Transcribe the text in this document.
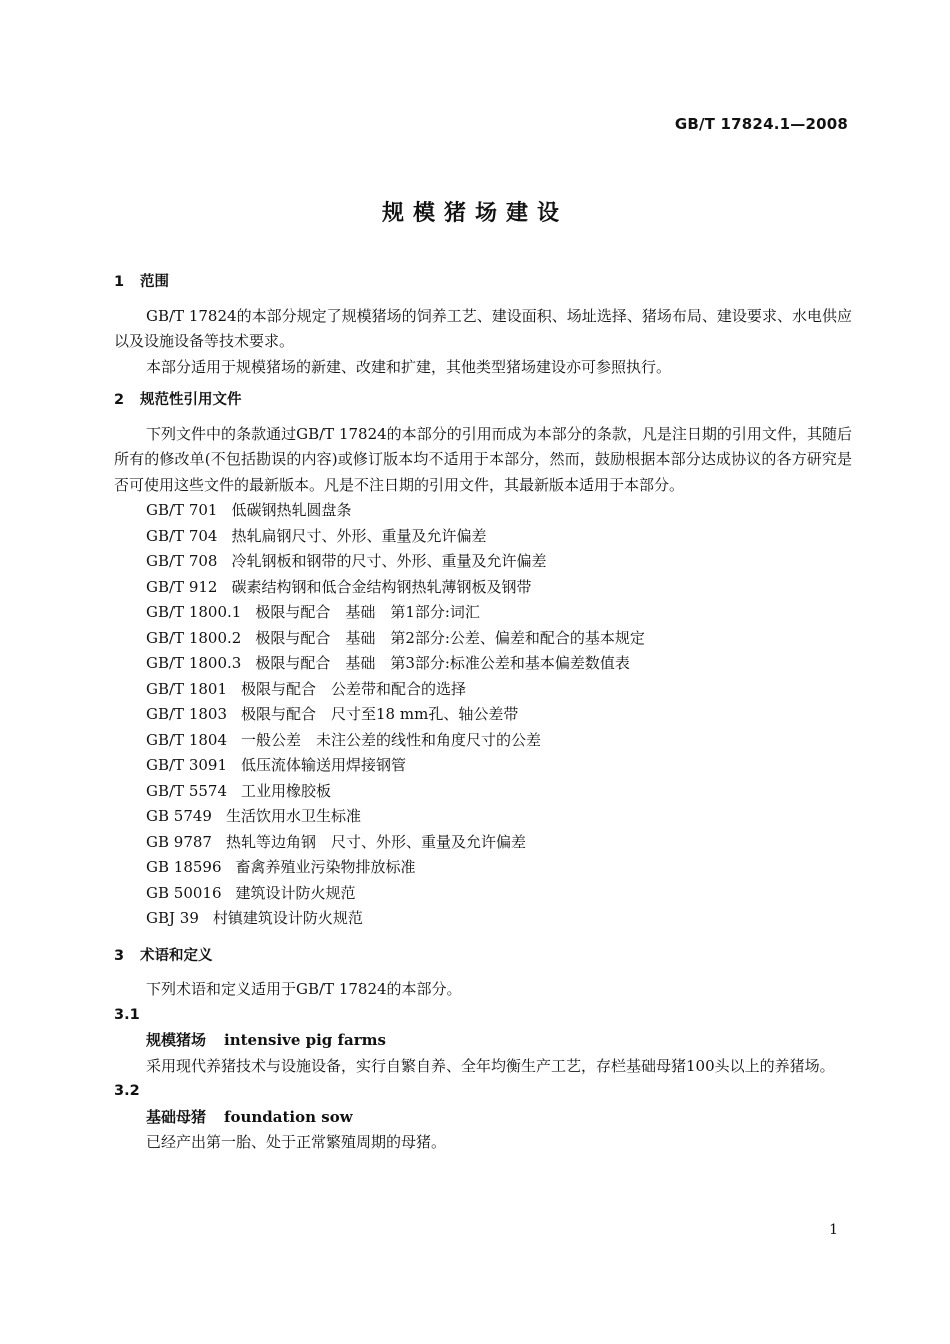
GB/T 17824.1—2008
规模猪场建设

1 范围

GB/T 17824的本部分规定了规模猪场的饲养工艺、建设面积、场址选择、猪场布局、建设要求、水电供应以及设施设备等技术要求。

本部分适用于规模猪场的新建、改建和扩建，其他类型猪场建设亦可参照执行。

2 规范性引用文件

下列文件中的条款通过GB/T 17824的本部分的引用而成为本部分的条款，凡是注日期的引用文件，其随后所有的修改单(不包括勘误的内容)或修订版本均不适用于本部分，然而，鼓励根据本部分达成协议的各方研究是否可使用这些文件的最新版本。凡是不注日期的引用文件，其最新版本适用于本部分。

GB/T 701 低碳钢热轧圆盘条
GB/T 704 热轧扁钢尺寸、外形、重量及允许偏差
GB/T 708 冷轧钢板和钢带的尺寸、外形、重量及允许偏差
GB/T 912 碳素结构钢和低合金结构钢热轧薄钢板及钢带
GB/T 1800.1 极限与配合　基础　第1部分:词汇
GB/T 1800.2 极限与配合　基础　第2部分:公差、偏差和配合的基本规定
GB/T 1800.3 极限与配合　基础　第3部分:标准公差和基本偏差数值表
GB/T 1801 极限与配合　公差带和配合的选择
GB/T 1803 极限与配合　尺寸至18 mm孔、轴公差带
GB/T 1804 一般公差　未注公差的线性和角度尺寸的公差
GB/T 3091 低压流体输送用焊接钢管
GB/T 5574 工业用橡胶板
GB 5749 生活饮用水卫生标准
GB 9787 热轧等边角钢　尺寸、外形、重量及允许偏差
GB 18596 畜禽养殖业污染物排放标准
GB 50016 建筑设计防火规范
GBJ 39 村镇建筑设计防火规范

3 术语和定义

下列术语和定义适用于GB/T 17824的本部分。

3.1

规模猪场 intensive pig farms

采用现代养猪技术与设施设备，实行自繁自养、全年均衡生产工艺，存栏基础母猪100头以上的养猪场。

3.2

基础母猪 foundation sow

已经产出第一胎、处于正常繁殖周期的母猪。

1
